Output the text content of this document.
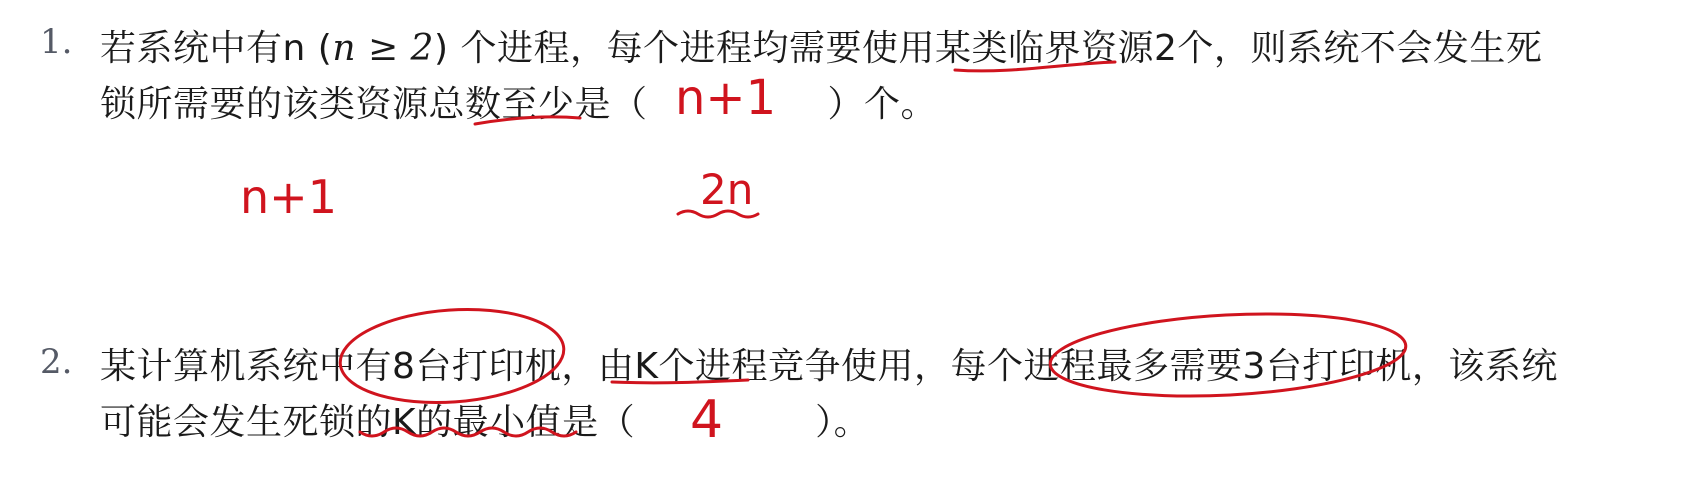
1. 若系统中有n (n ≥ 2) 个进程，每个进程均需要使用某类临界资源2个，则系统不会发生死
锁所需要的该类资源总数至少是（	）个。
n+1
n+1	2n
2. 某计算机系统中有8台打印机，由K个进程竞争使用，每个进程最多需要3台打印机，该系统
可能会发生死锁的K的最小值是（	）。
4
